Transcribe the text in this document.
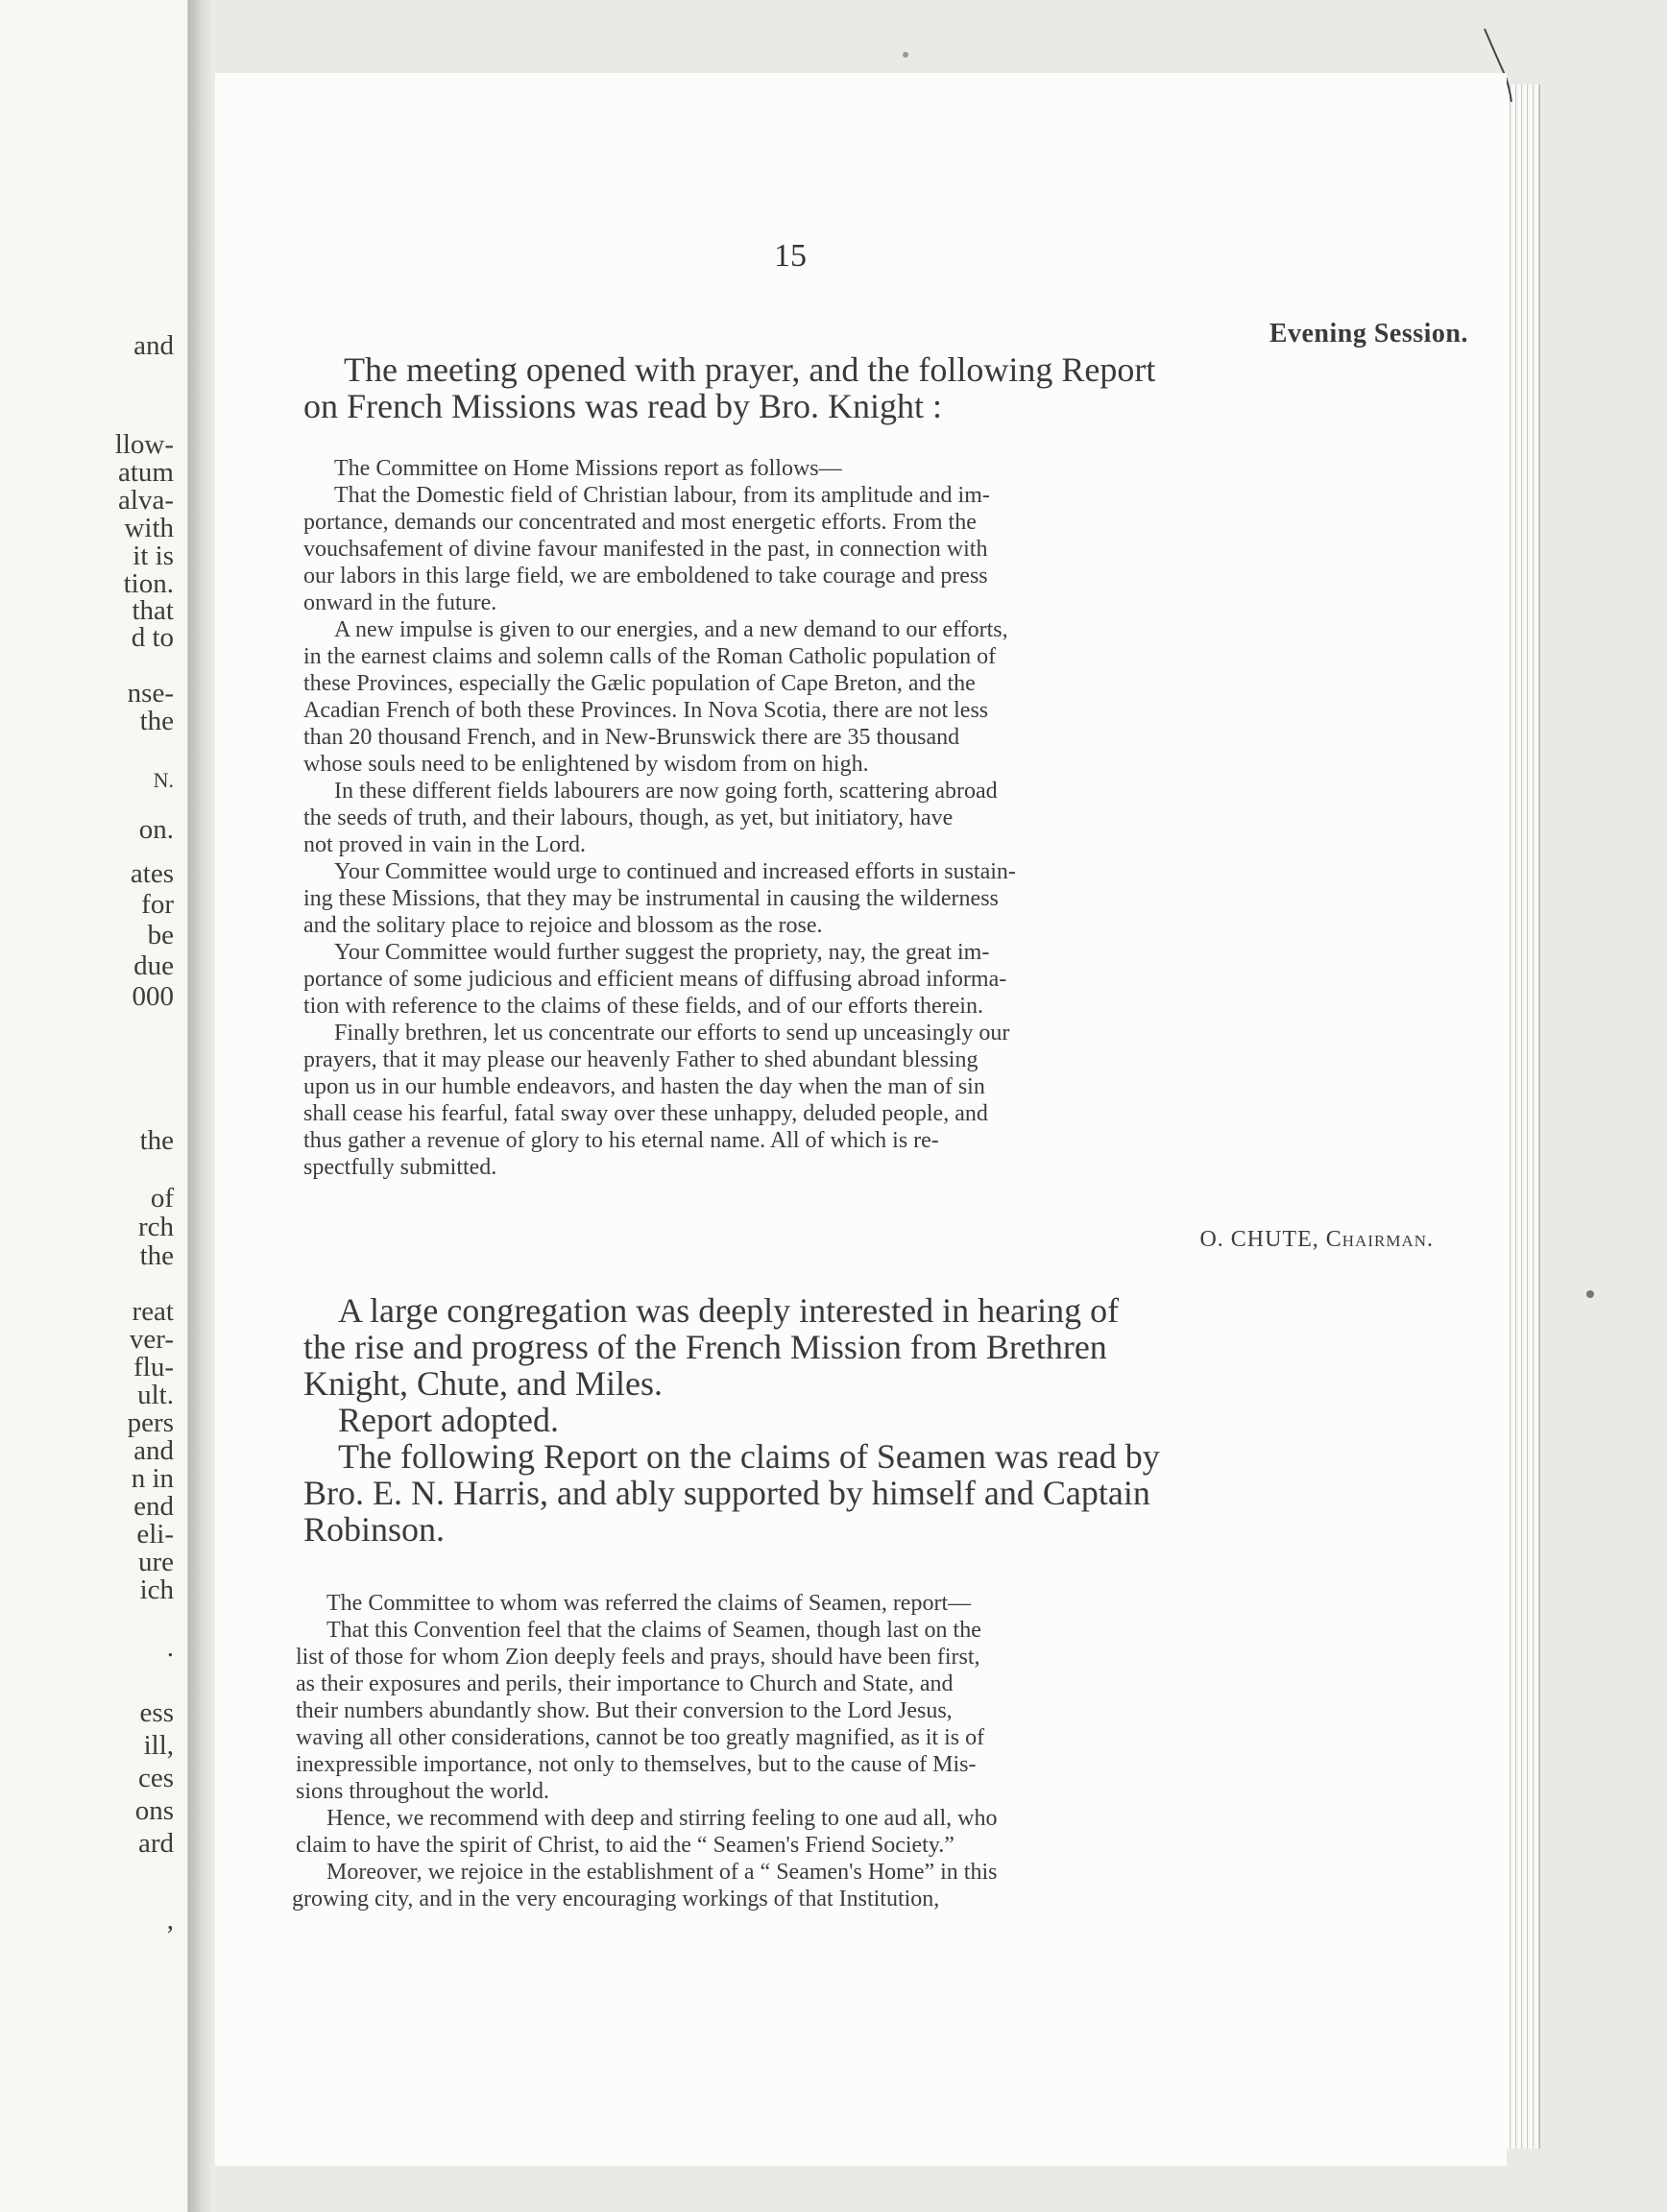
and
llow-
atum
alva-
with
it is
tion.
that
d to
nse-
the
N.
on.
ates
for
be
due
000
the
of
rch
the
reat
ver-
flu-
ult.
pers
and
n in
end
eli-
ure
ich
.
ess
ill,
ces
ons
ard
,
15
Evening Session.
The meeting opened with prayer, and the following Report
on French Missions was read by Bro. Knight :
The Committee on Home Missions report as follows—
That the Domestic field of Christian labour, from its amplitude and im-
portance, demands our concentrated and most energetic efforts. From the
vouchsafement of divine favour manifested in the past, in connection with
our labors in this large field, we are emboldened to take courage and press
onward in the future.
A new impulse is given to our energies, and a new demand to our efforts,
in the earnest claims and solemn calls of the Roman Catholic population of
these Provinces, especially the Gælic population of Cape Breton, and the
Acadian French of both these Provinces. In Nova Scotia, there are not less
than 20 thousand French, and in New-Brunswick there are 35 thousand
whose souls need to be enlightened by wisdom from on high.
In these different fields labourers are now going forth, scattering abroad
the seeds of truth, and their labours, though, as yet, but initiatory, have
not proved in vain in the Lord.
Your Committee would urge to continued and increased efforts in sustain-
ing these Missions, that they may be instrumental in causing the wilderness
and the solitary place to rejoice and blossom as the rose.
Your Committee would further suggest the propriety, nay, the great im-
portance of some judicious and efficient means of diffusing abroad informa-
tion with reference to the claims of these fields, and of our efforts therein.
Finally brethren, let us concentrate our efforts to send up unceasingly our
prayers, that it may please our heavenly Father to shed abundant blessing
upon us in our humble endeavors, and hasten the day when the man of sin
shall cease his fearful, fatal sway over these unhappy, deluded people, and
thus gather a revenue of glory to his eternal name. All of which is re-
spectfully submitted.
O. CHUTE, Chairman.
A large congregation was deeply interested in hearing of
the rise and progress of the French Mission from Brethren
Knight, Chute, and Miles.
Report adopted.
The following Report on the claims of Seamen was read by
Bro. E. N. Harris, and ably supported by himself and Captain
Robinson.
The Committee to whom was referred the claims of Seamen, report—
That this Convention feel that the claims of Seamen, though last on the
list of those for whom Zion deeply feels and prays, should have been first,
as their exposures and perils, their importance to Church and State, and
their numbers abundantly show. But their conversion to the Lord Jesus,
waving all other considerations, cannot be too greatly magnified, as it is of
inexpressible importance, not only to themselves, but to the cause of Mis-
sions throughout the world.
Hence, we recommend with deep and stirring feeling to one aud all, who
claim to have the spirit of Christ, to aid the “ Seamen's Friend Society.”
Moreover, we rejoice in the establishment of a “ Seamen's Home” in this
growing city, and in the very encouraging workings of that Institution,
